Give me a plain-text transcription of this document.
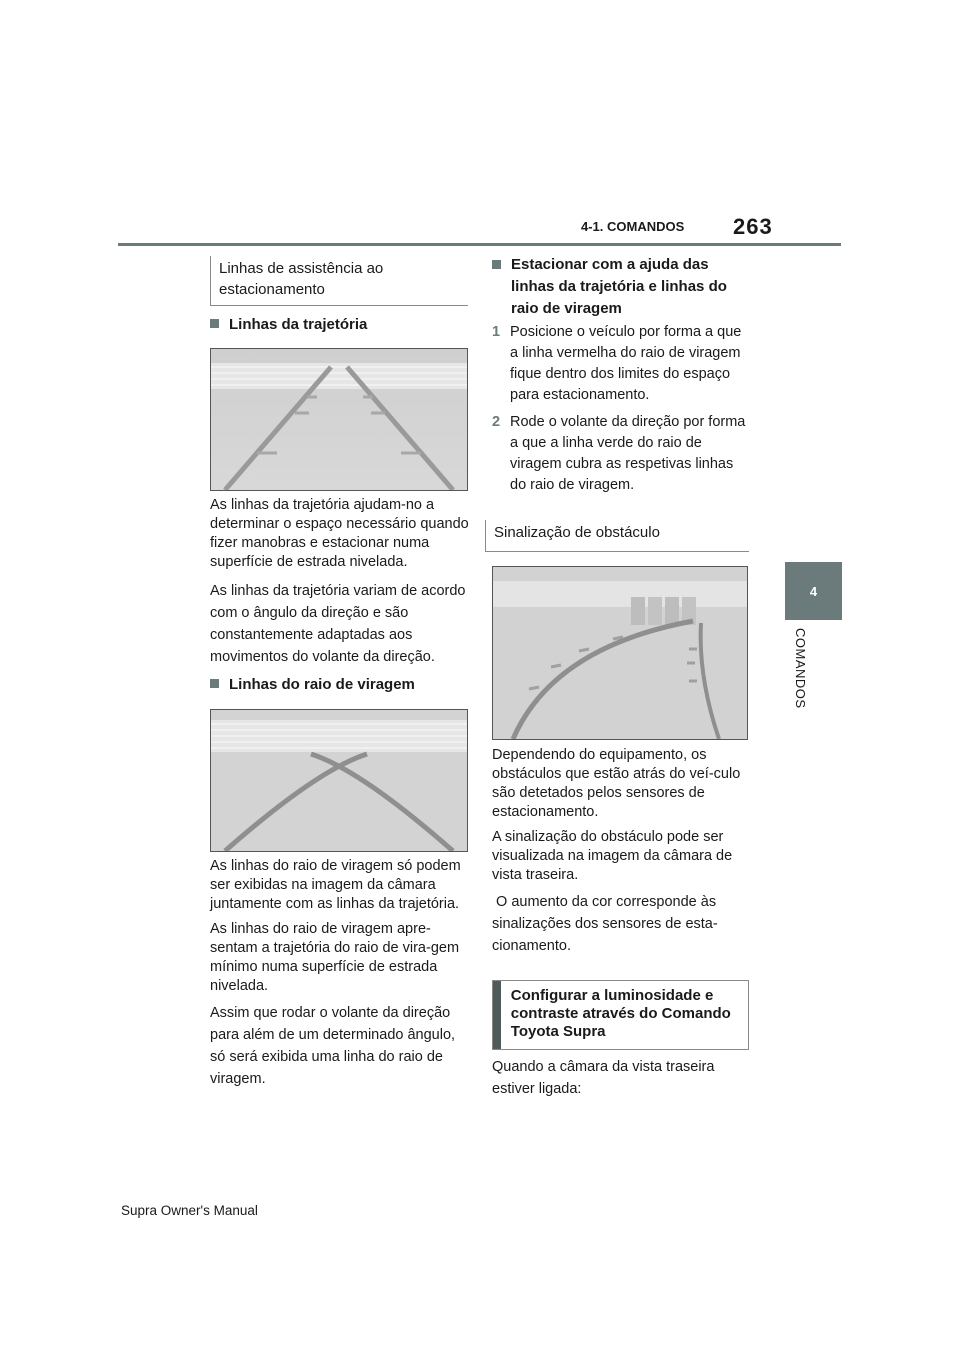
4-1. COMANDOS 263
4
COMANDOS
Linhas de assistência ao estacionamento
Linhas da trajetória

As linhas da trajetória ajudam-no a determinar o espaço necessário quando fizer manobras e estacionar numa superfície de estrada nivelada.

As linhas da trajetória variam de acordo com o ângulo da direção e são constantemente adaptadas aos movimentos do volante da direção.

Linhas do raio de viragem

As linhas do raio de viragem só podem ser exibidas na imagem da câmara juntamente com as linhas da trajetória.

As linhas do raio de viragem apre-sentam a trajetória do raio de vira-gem mínimo numa superfície de estrada nivelada.

Assim que rodar o volante da direção para além de um determinado ângulo, só será exibida uma linha do raio de viragem.

Estacionar com a ajuda das linhas da trajetória e linhas do raio de viragem
1 Posicione o veículo por forma a que a linha vermelha do raio de viragem fique dentro dos limites do espaço para estacionamento.
2 Rode o volante da direção por forma a que a linha verde do raio de viragem cubra as respetivas linhas do raio de viragem.
Sinalização de obstáculo

Dependendo do equipamento, os obstáculos que estão atrás do veí-culo são detetados pelos sensores de estacionamento.

A sinalização do obstáculo pode ser visualizada na imagem da câmara de vista traseira.

O aumento da cor corresponde às sinalizações dos sensores de esta-cionamento.

Configurar a luminosidade e contraste através do Comando Toyota Supra

Quando a câmara da vista traseira estiver ligada:

Supra Owner's Manual
